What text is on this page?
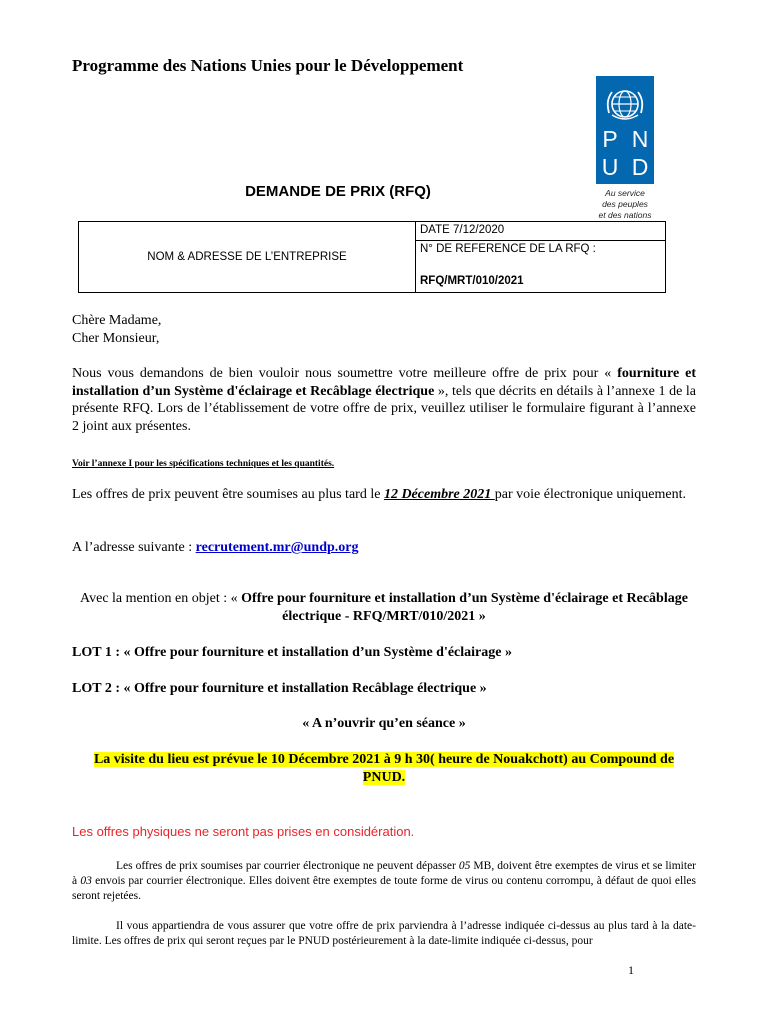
Programme des Nations Unies pour le Développement
P N
U D
Au service
des peuples
et des nations
DEMANDE DE PRIX (RFQ)
NOM & ADRESSE DE L’ENTREPRISE	DATE 7/12/2020

N° DE REFERENCE DE LA RFQ :
RFQ/MRT/010/2021
Chère Madame,
Cher Monsieur,
Nous vous demandons de bien vouloir nous soumettre votre meilleure offre de prix pour « fourniture et installation d’un Système d'éclairage et Recâblage électrique », tels que décrits en détails à l’annexe 1 de la présente RFQ. Lors de l’établissement de votre offre de prix, veuillez utiliser le formulaire figurant à l’annexe 2 joint aux présentes.
Voir l’annexe I pour les spécifications techniques et les quantités.
Les offres de prix peuvent être soumises au plus tard le 12 Décembre 2021 par voie électronique uniquement.
A l’adresse suivante : recrutement.mr@undp.org
Avec la mention en objet : « Offre pour fourniture et installation d’un Système d'éclairage et Recâblage électrique - RFQ/MRT/010/2021 »
LOT 1 : « Offre pour fourniture et installation d’un Système d'éclairage »
LOT 2 : « Offre pour fourniture et installation Recâblage électrique »
« A n’ouvrir qu’en séance »
La visite du lieu est prévue le 10 Décembre 2021 à 9 h 30( heure de Nouakchott) au Compound de PNUD.
Les offres physiques ne seront pas prises en considération.
Les offres de prix soumises par courrier électronique ne peuvent dépasser 05 MB, doivent être exemptes de virus et se limiter à 03 envois par courrier électronique. Elles doivent être exemptes de toute forme de virus ou contenu corrompu, à défaut de quoi elles seront rejetées.
Il vous appartiendra de vous assurer que votre offre de prix parviendra à l’adresse indiquée ci-dessus au plus tard à la date-limite. Les offres de prix qui seront reçues par le PNUD postérieurement à la date-limite indiquée ci-dessus, pour
1
